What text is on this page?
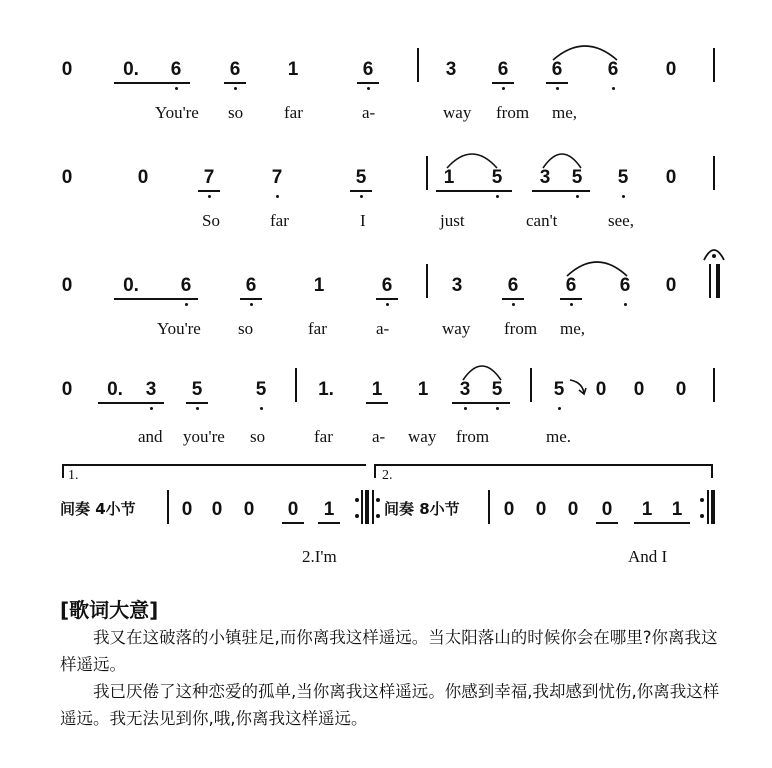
0	0.	6	6	1	6	3	6	6	6	0
You're so far	a-	way from me,
0	0	7	7	5	1	5	3	5	5	0
So	far	I	just	can't	see,
0	0.	6	6	1	6	3	6	6	6	0
You're so	far	a-	way from me,
0	0.	3	5	5	1.	1	1	3	5	5	0	0	0
and you're so	far a- way from	me.
1.
间奏 4小节	0	0	0	0	1
2.
间奏 8小节	0	0	0	0	1	1
2.I'm	And I
[歌词大意]
我又在这破落的小镇驻足,而你离我这样遥远。当太阳落山的时候你会在哪里?你离我这样遥远。
我已厌倦了这种恋爱的孤单,当你离我这样遥远。你感到幸福,我却感到忧伤,你离我这样遥远。我无法见到你,哦,你离我这样遥远。
